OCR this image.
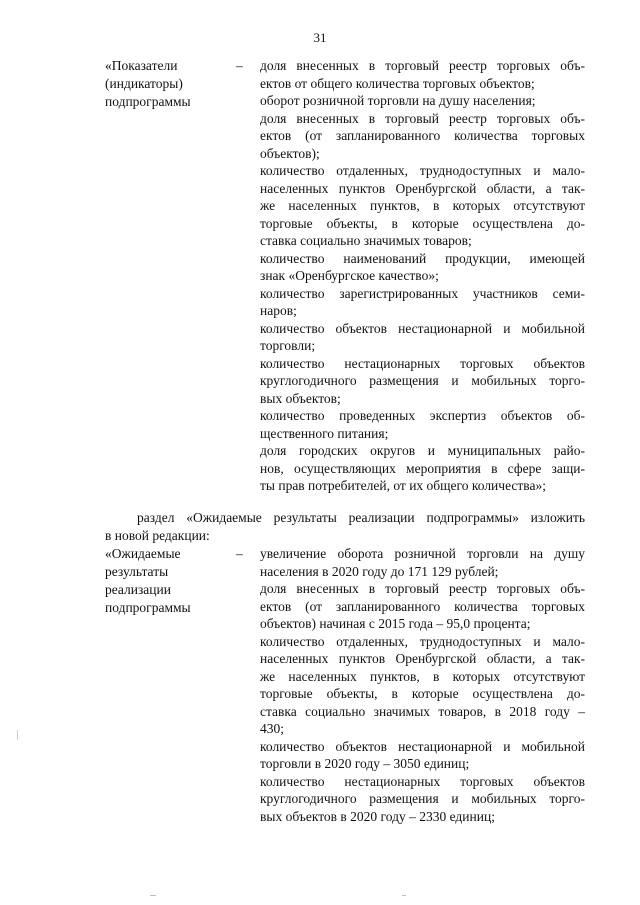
31
«Показатели
(индикаторы)
подпрограммы
– доля внесенных в торговый реестр торговых объ-
ектов от общего количества торговых объектов;
оборот розничной торговли на душу населения;
доля внесенных в торговый реестр торговых объ-
ектов (от запланированного количества торговых
объектов);
количество отдаленных, труднодоступных и мало-
населенных пунктов Оренбургской области, а так-
же населенных пунктов, в которых отсутствуют
торговые объекты, в которые осуществлена до-
ставка социально значимых товаров;
количество наименований продукции, имеющей
знак «Оренбургское качество»;
количество зарегистрированных участников семи-
наров;
количество объектов нестационарной и мобильной
торговли;
количество нестационарных торговых объектов
круглогодичного размещения и мобильных торго-
вых объектов;
количество проведенных экспертиз объектов об-
щественного питания;
доля городских округов и муниципальных райо-
нов, осуществляющих мероприятия в сфере защи-
ты прав потребителей, от их общего количества»;
раздел «Ожидаемые результаты реализации подпрограммы» изложить
в новой редакции:
«Ожидаемые
результаты
реализации
подпрограммы
– увеличение оборота розничной торговли на душу
населения в 2020 году до 171 129 рублей;
доля внесенных в торговый реестр торговых объ-
ектов (от запланированного количества торговых
объектов) начиная с 2015 года – 95,0 процента;
количество отдаленных, труднодоступных и мало-
населенных пунктов Оренбургской области, а так-
же населенных пунктов, в которых отсутствуют
торговые объекты, в которые осуществлена до-
ставка социально значимых товаров, в 2018 году –
430;
количество объектов нестационарной и мобильной
торговли в 2020 году – 3050 единиц;
количество нестационарных торговых объектов
круглогодичного размещения и мобильных торго-
вых объектов в 2020 году – 2330 единиц;
